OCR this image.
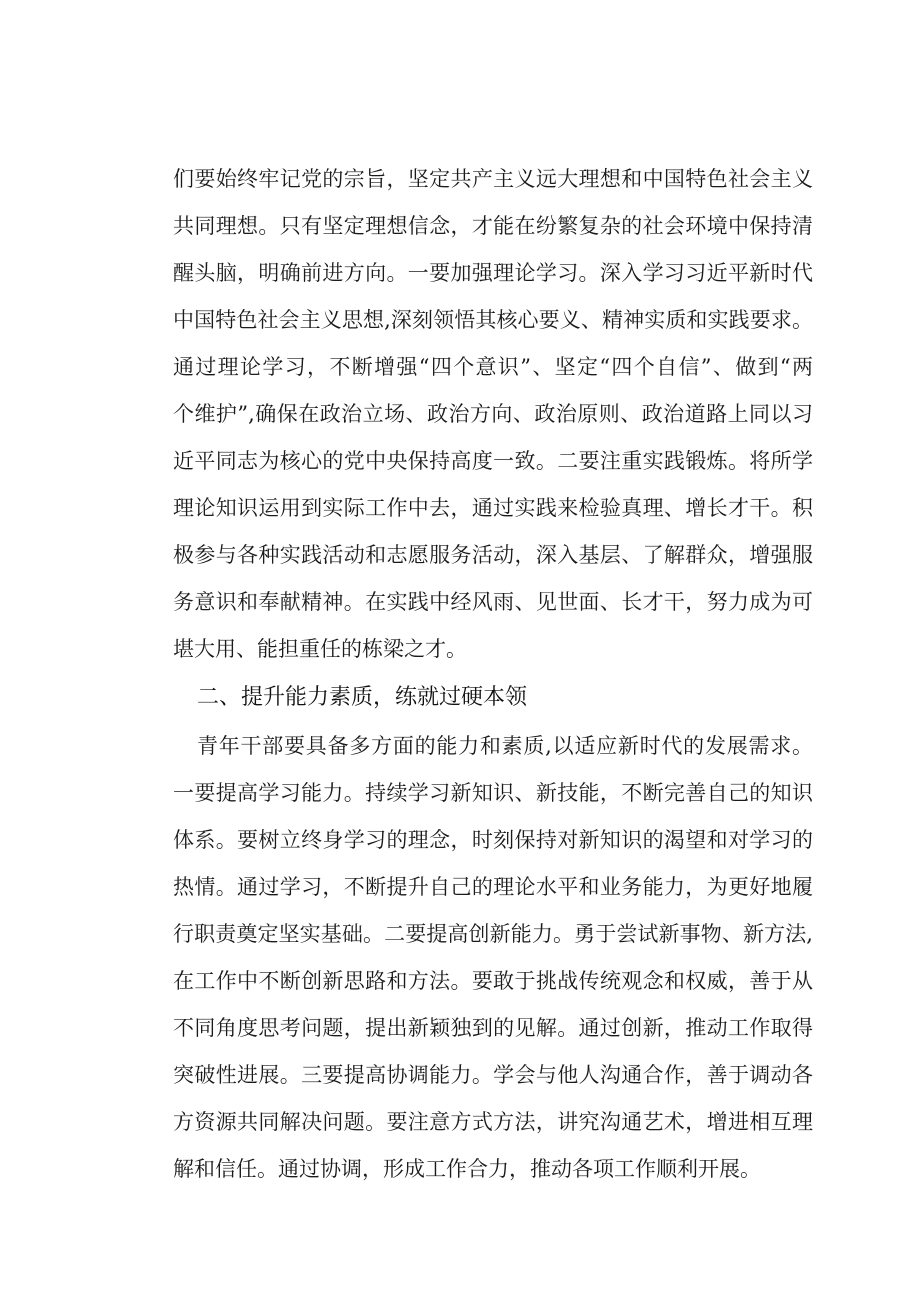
们要始终牢记党的宗旨，坚定共产主义远大理想和中国特色社会主义
共同理想。只有坚定理想信念，才能在纷繁复杂的社会环境中保持清
醒头脑，明确前进方向。一要加强理论学习。深入学习习近平新时代
中国特色社会主义思想,深刻领悟其核心要义、精神实质和实践要求。
通过理论学习，不断增强“四个意识”、坚定“四个自信”、做到“两
个维护”,确保在政治立场、政治方向、政治原则、政治道路上同以习
近平同志为核心的党中央保持高度一致。二要注重实践锻炼。将所学
理论知识运用到实际工作中去，通过实践来检验真理、增长才干。积
极参与各种实践活动和志愿服务活动，深入基层、了解群众，增强服
务意识和奉献精神。在实践中经风雨、见世面、长才干，努力成为可
堪大用、能担重任的栋梁之才。
二、提升能力素质，练就过硬本领
青年干部要具备多方面的能力和素质,以适应新时代的发展需求。
一要提高学习能力。持续学习新知识、新技能，不断完善自己的知识
体系。要树立终身学习的理念，时刻保持对新知识的渴望和对学习的
热情。通过学习，不断提升自己的理论水平和业务能力，为更好地履
行职责奠定坚实基础。二要提高创新能力。勇于尝试新事物、新方法,
在工作中不断创新思路和方法。要敢于挑战传统观念和权威，善于从
不同角度思考问题，提出新颖独到的见解。通过创新，推动工作取得
突破性进展。三要提高协调能力。学会与他人沟通合作，善于调动各
方资源共同解决问题。要注意方式方法，讲究沟通艺术，增进相互理
解和信任。通过协调，形成工作合力，推动各项工作顺利开展。
